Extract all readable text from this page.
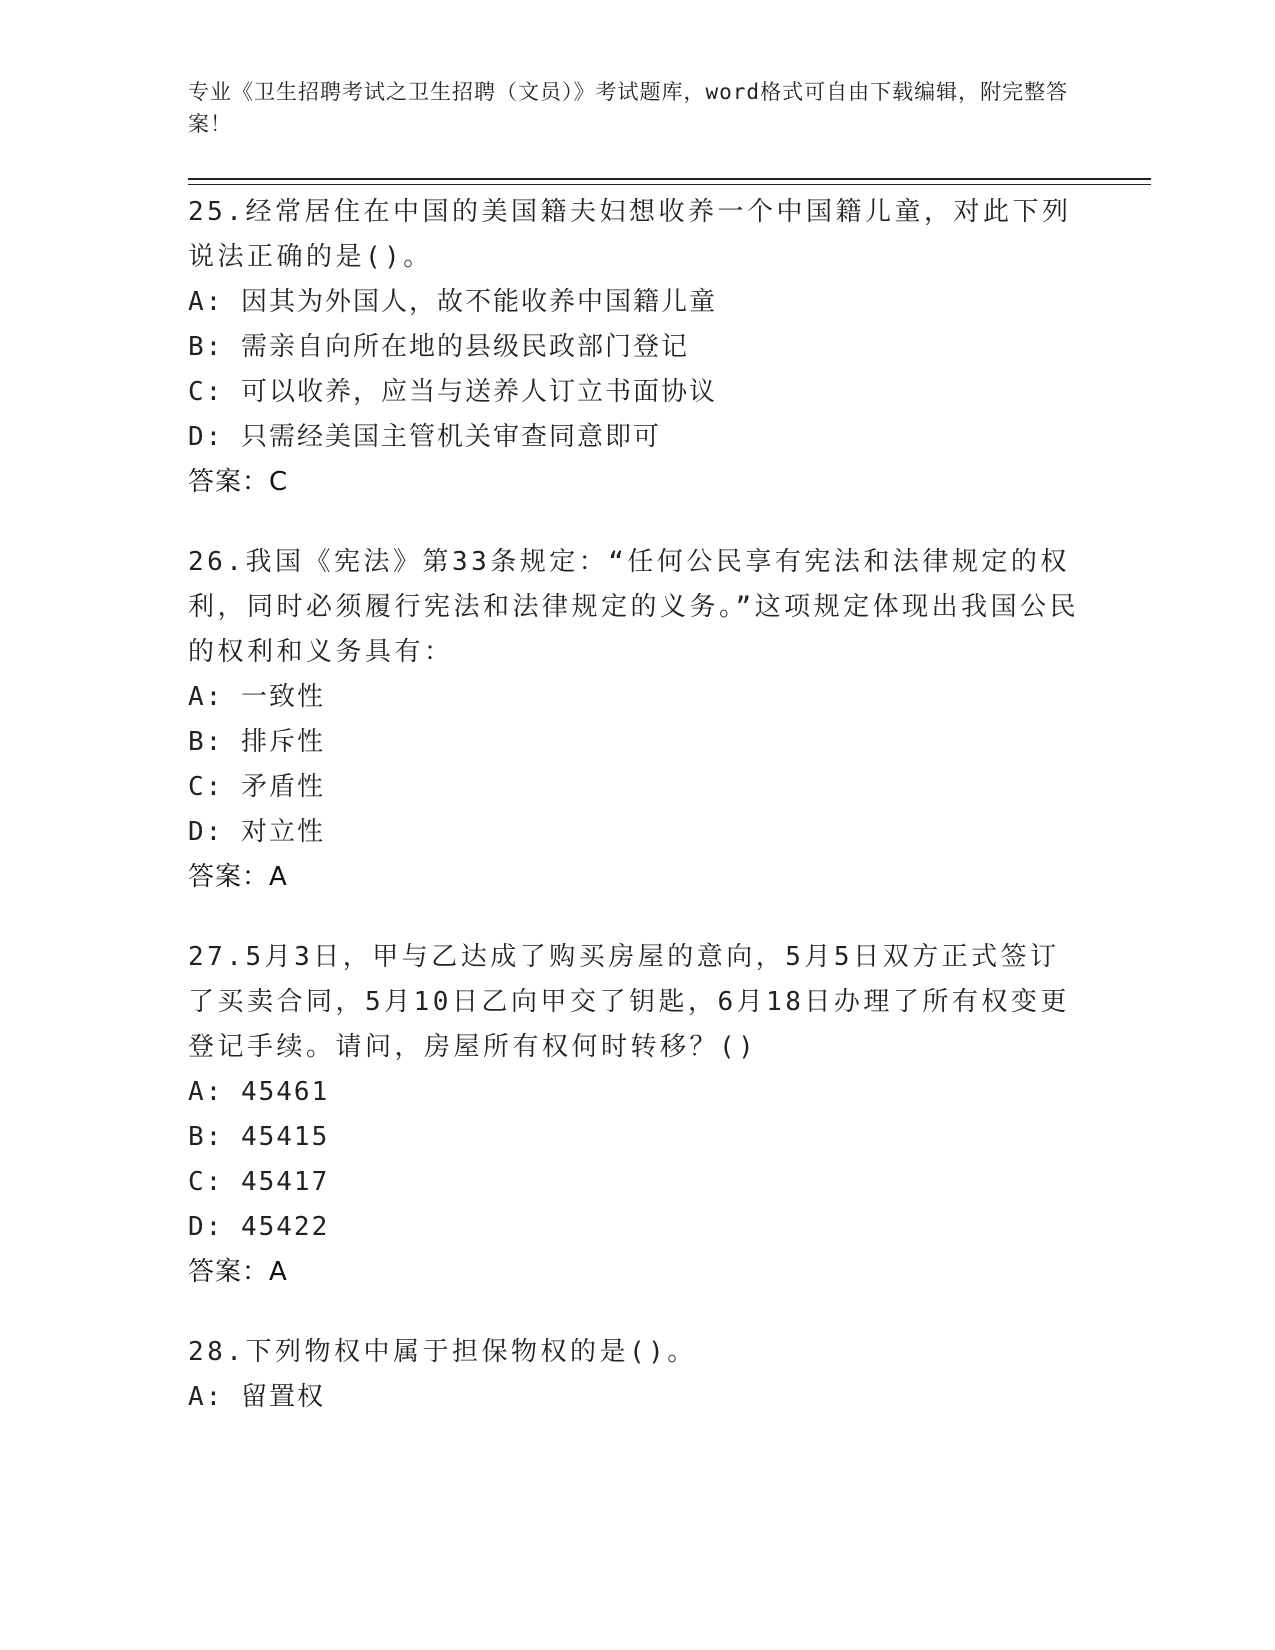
专业《卫生招聘考试之卫生招聘（文员）》考试题库，word格式可自由下载编辑，附完整答案！

25.经常居住在中国的美国籍夫妇想收养一个中国籍儿童，对此下列说法正确的是()。

A: 因其为外国人，故不能收养中国籍儿童

B: 需亲自向所在地的县级民政部门登记

C: 可以收养，应当与送养人订立书面协议

D: 只需经美国主管机关审查同意即可

答案：C

26.我国《宪法》第33条规定：“任何公民享有宪法和法律规定的权利，同时必须履行宪法和法律规定的义务。”这项规定体现出我国公民的权利和义务具有：

A: 一致性

B: 排斥性

C: 矛盾性

D: 对立性

答案：A

27.5月3日，甲与乙达成了购买房屋的意向，5月5日双方正式签订了买卖合同，5月10日乙向甲交了钥匙，6月18日办理了所有权变更登记手续。请问，房屋所有权何时转移？()

A: 45461

B: 45415

C: 45417

D: 45422

答案：A

28.下列物权中属于担保物权的是()。

A: 留置权
